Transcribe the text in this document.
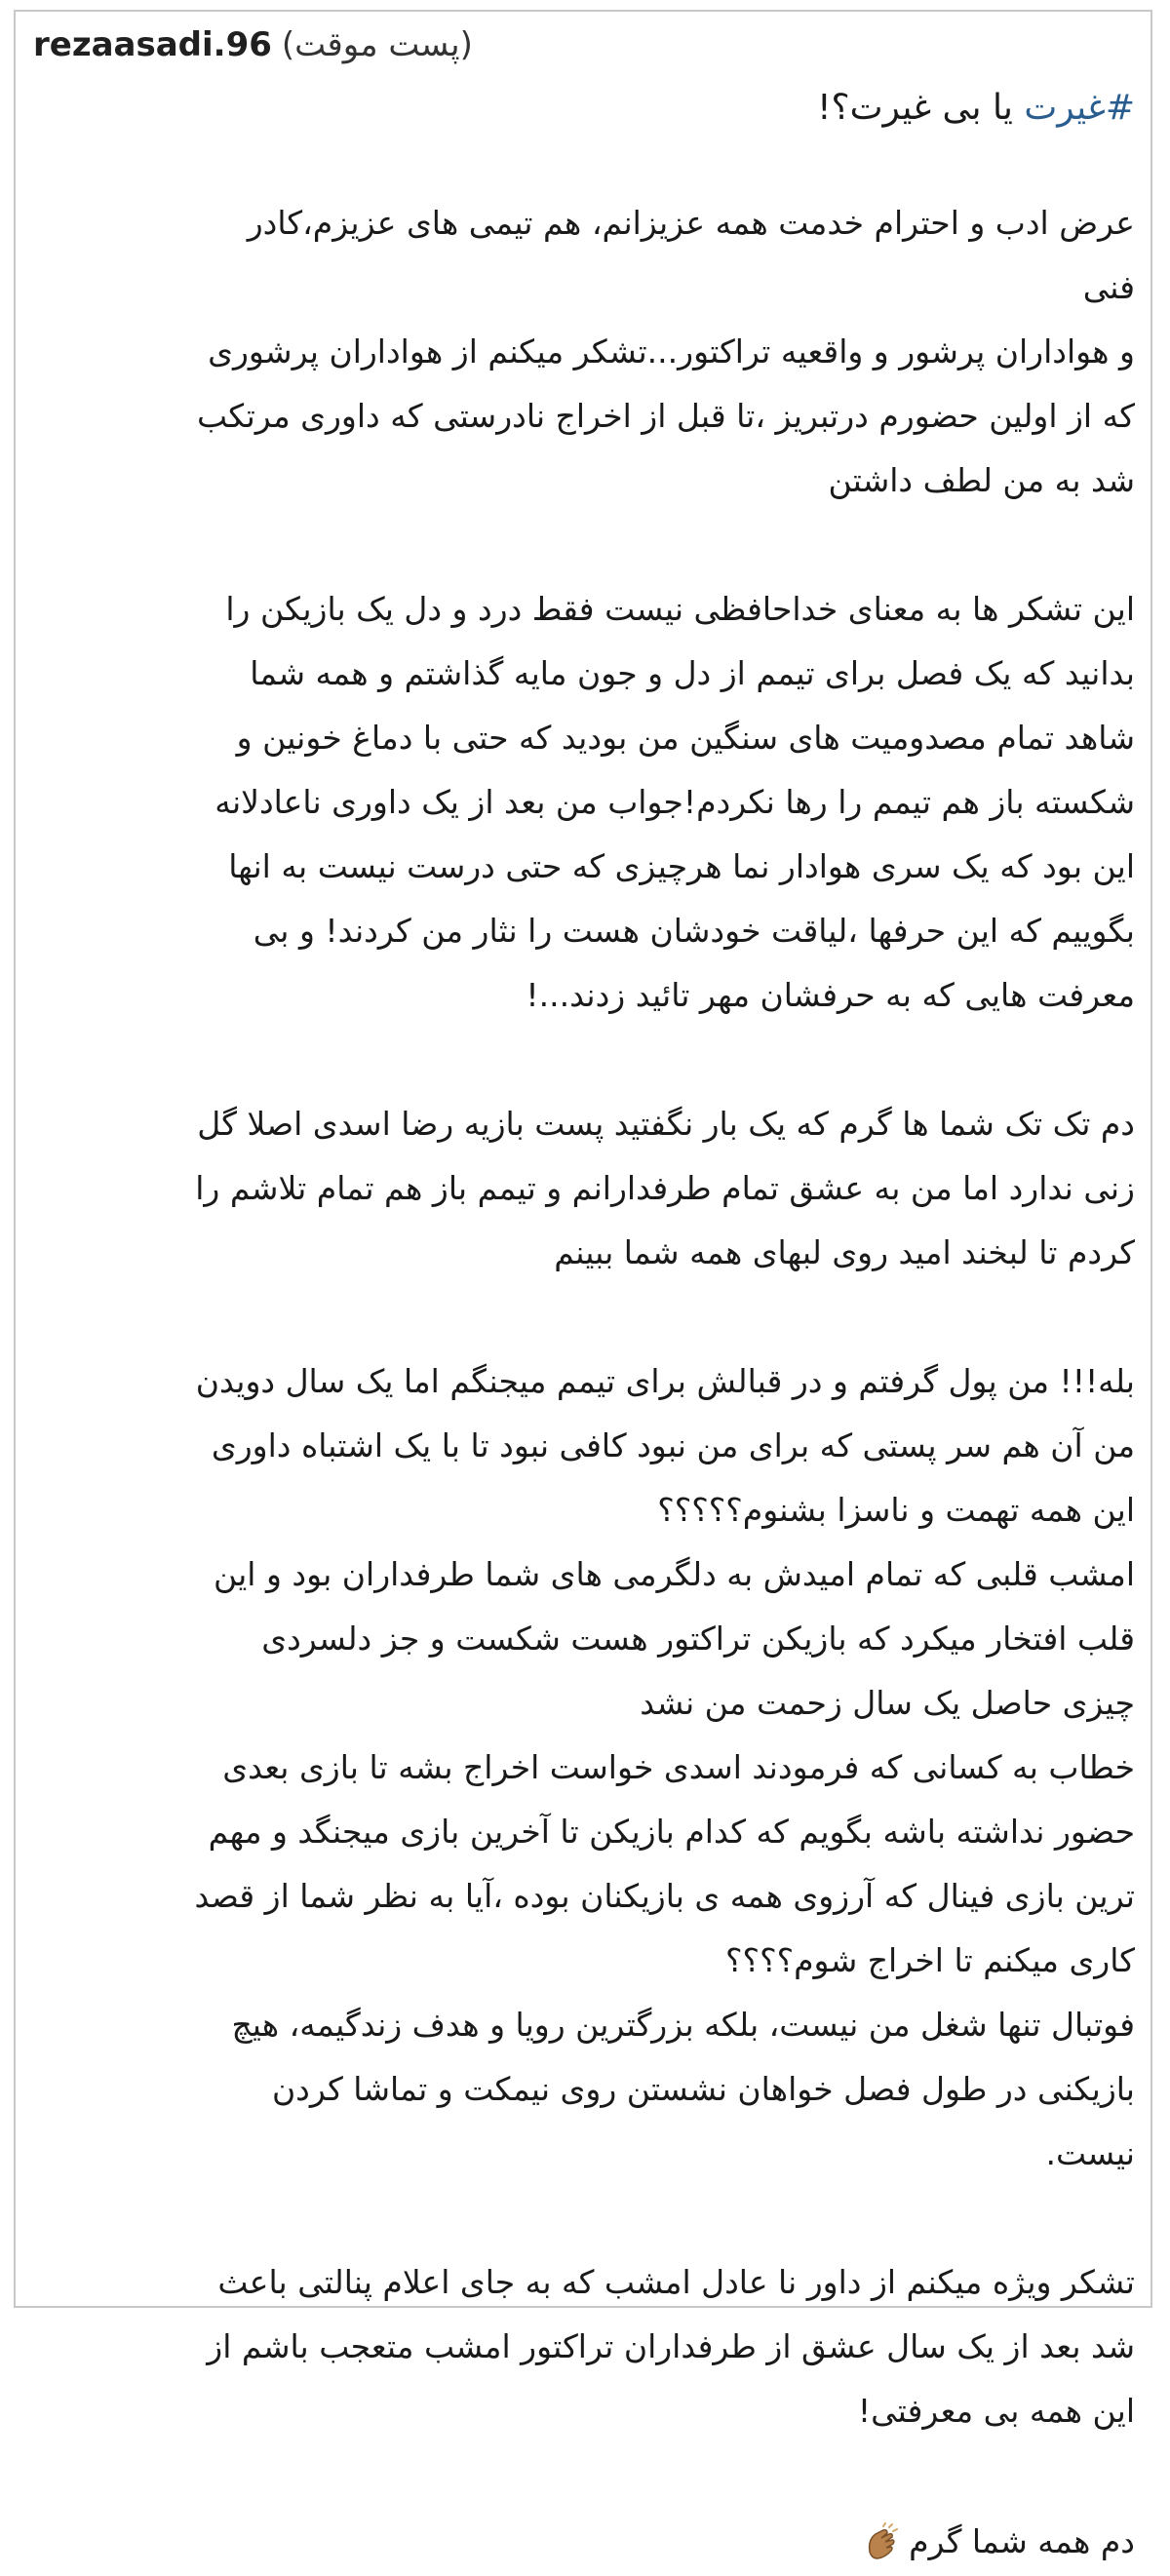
rezaasadi.96 (پست موقت)
#غیرت یا بی غیرت؟!
عرض ادب و احترام خدمت همه عزیزانم، هم تیمی های عزیزم،کادر
فنی
و هواداران پرشور و واقعیه تراکتور...تشکر میکنم از هواداران پرشوری
که از اولین حضورم درتبریز ،تا قبل از اخراج نادرستی که داوری مرتکب
شد به من لطف داشتن
این تشکر ها به معنای خداحافظی نیست فقط درد و دل یک بازیکن را
بدانید که یک فصل برای تیمم از دل و جون مایه گذاشتم و همه شما
شاهد تمام مصدومیت های سنگین من بودید که حتی با دماغ خونین و
شکسته باز هم تیمم را رها نکردم!جواب من بعد از یک داوری ناعادلانه
این بود که یک سری هوادار نما هرچیزی که حتی درست نیست به انها
بگوییم که این حرفها ،لیاقت خودشان هست را نثار من کردند! و بی
معرفت هایی که به حرفشان مهر تائید زدند...!
دم تک تک شما ها گرم که یک بار نگفتید پست بازیه رضا اسدی اصلا گل
زنی ندارد اما من به عشق تمام طرفدارانم و تیمم باز هم تمام تلاشم را
کردم تا لبخند امید روی لبهای همه شما ببینم
بله!!! من پول گرفتم و در قبالش برای تیمم میجنگم اما یک سال دویدن
من آن هم سر پستی که برای من نبود کافی نبود تا با یک اشتباه داوری
این همه تهمت و ناسزا بشنوم؟؟؟؟؟
امشب قلبی که تمام امیدش به دلگرمی های شما طرفداران بود و این
قلب افتخار میکرد که بازیکن تراکتور هست شکست و جز دلسردی
چیزی حاصل یک سال زحمت من نشد
خطاب به کسانی که فرمودند اسدی خواست اخراج بشه تا بازی بعدی
حضور نداشته باشه بگویم که کدام بازیکن تا آخرین بازی میجنگد و مهم
ترین بازی فینال که آرزوی همه ی بازیکنان بوده ،آیا به نظر شما از قصد
کاری میکنم تا اخراج شوم؟؟؟؟
فوتبال تنها شغل من نیست، بلکه بزرگترین رویا و هدف زندگیمه، هیچ
بازیکنی در طول فصل خواهان نشستن روی نیمکت و تماشا کردن
نیست.
تشکر ویژه میکنم از داور نا عادل امشب که به جای اعلام پنالتی باعث
شد بعد از یک سال عشق از طرفداران تراکتور امشب متعجب باشم از
این همه بی معرفتی!
دم همه شما گرم
